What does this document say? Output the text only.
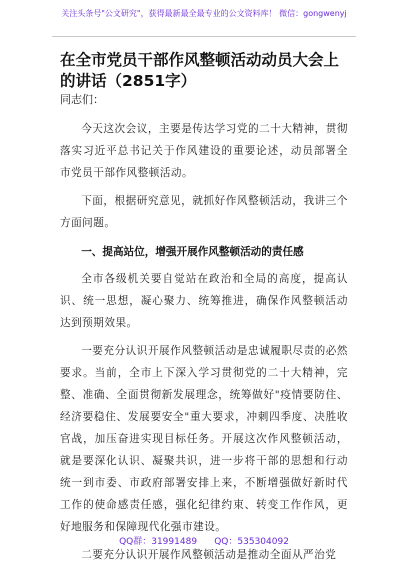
关注头条号"公文研究"，获得最新最全最专业的公文资料库！ 微信：gongwenyj
在全市党员干部作风整顿活动动员大会上的讲话（2851字）
同志们：

今天这次会议，主要是传达学习党的二十大精神，贯彻落实习近平总书记关于作风建设的重要论述，动员部署全市党员干部作风整顿活动。

下面，根据研究意见，就抓好作风整顿活动，我讲三个方面问题。

一、提高站位，增强开展作风整顿活动的责任感

全市各级机关要自觉站在政治和全局的高度，提高认识、统一思想，凝心聚力、统筹推进，确保作风整顿活动达到预期效果。

一要充分认识开展作风整顿活动是忠诚履职尽责的必然要求。当前，全市上下深入学习贯彻党的二十大精神，完整、准确、全面贯彻新发展理念，统筹做好"疫情要防住、经济要稳住、发展要安全"重大要求，冲刺四季度、决胜收官战，加压奋进实现目标任务。开展这次作风整顿活动，就是要深化认识、凝聚共识，进一步将干部的思想和行动统一到市委、市政府部署安排上来，不断增强做好新时代工作的使命感责任感，强化纪律约束、转变工作作风，更好地服务和保障现代化强市建设。

二要充分认识开展作风整顿活动是推动全面从严治党

QQ群：31991489 QQ：535304092
